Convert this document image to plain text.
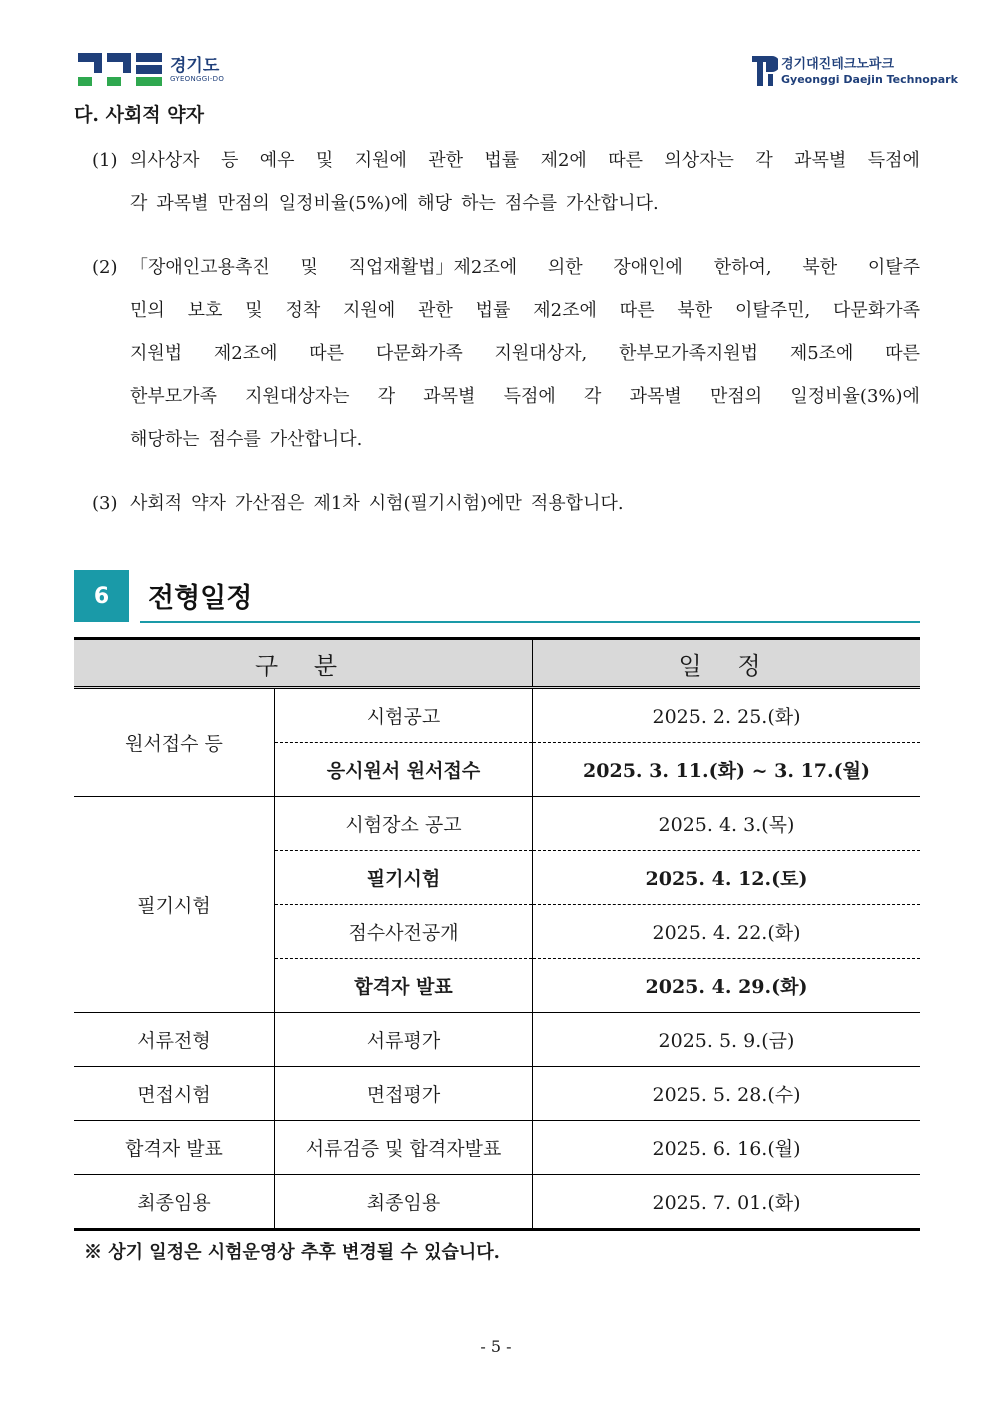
경기도
GYEONGGI-DO
경기대진테크노파크
Gyeonggi Daejin Technopark
다. 사회적 약자
(1) 의사상자 등 예우 및 지원에 관한 법률 제2에 따른 의상자는 각 과목별 득점에
각 과목별 만점의 일정비율(5%)에 해당 하는 점수를 가산합니다.
(2) 「장애인고용촉진 및 직업재활법」제2조에 의한 장애인에 한하여, 북한 이탈주
민의 보호 및 정착 지원에 관한 법률 제2조에 따른 북한 이탈주민, 다문화가족
지원법 제2조에 따른 다문화가족 지원대상자, 한부모가족지원법 제5조에 따른
한부모가족 지원대상자는 각 과목별 득점에 각 과목별 만점의 일정비율(3%)에
해당하는 점수를 가산합니다.
(3) 사회적 약자 가산점은 제1차 시험(필기시험)에만 적용합니다.
6	전형일정
구 분		일 정
원서접수 등	시험공고	2025. 2. 25.(화)
	응시원서 원서접수	2025. 3. 11.(화) ~ 3. 17.(월)
필기시험	시험장소 공고	2025. 4. 3.(목)
	필기시험	2025. 4. 12.(토)
	점수사전공개	2025. 4. 22.(화)
	합격자 발표	2025. 4. 29.(화)
서류전형	서류평가	2025. 5. 9.(금)
면접시험	면접평가	2025. 5. 28.(수)
합격자 발표	서류검증 및 합격자발표	2025. 6. 16.(월)
최종임용	최종임용	2025. 7. 01.(화)
※ 상기 일정은 시험운영상 추후 변경될 수 있습니다.
- 5 -
